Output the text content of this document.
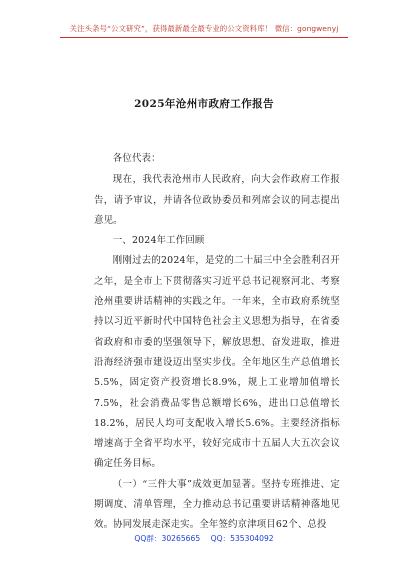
关注头条号“公文研究”，获得最新最全最专业的公文资料库！ 微信：gongwenyj
2025年沧州市政府工作报告

各位代表：

现在，我代表沧州市人民政府，向大会作政府工作报告，请予审议，并请各位政协委员和列席会议的同志提出意见。

一、2024年工作回顾

刚刚过去的2024年，是党的二十届三中全会胜利召开之年，是全市上下贯彻落实习近平总书记视察河北、考察沧州重要讲话精神的实践之年。一年来，全市政府系统坚持以习近平新时代中国特色社会主义思想为指导，在省委省政府和市委的坚强领导下，解放思想、奋发进取，推进沿海经济强市建设迈出坚实步伐。全年地区生产总值增长5.5%，固定资产投资增长8.9%，规上工业增加值增长7.5%，社会消费品零售总额增长6%，进出口总值增长18.2%，居民人均可支配收入增长5.6%。主要经济指标增速高于全省平均水平，较好完成市十五届人大五次会议确定任务目标。

（一）“三件大事”成效更加显著。坚持专班推进、定期调度、清单管理，全力推动总书记重要讲话精神落地见效。协同发展走深走实。全年签约京津项目62个、总投

QQ群：30265665 QQ：535304092
